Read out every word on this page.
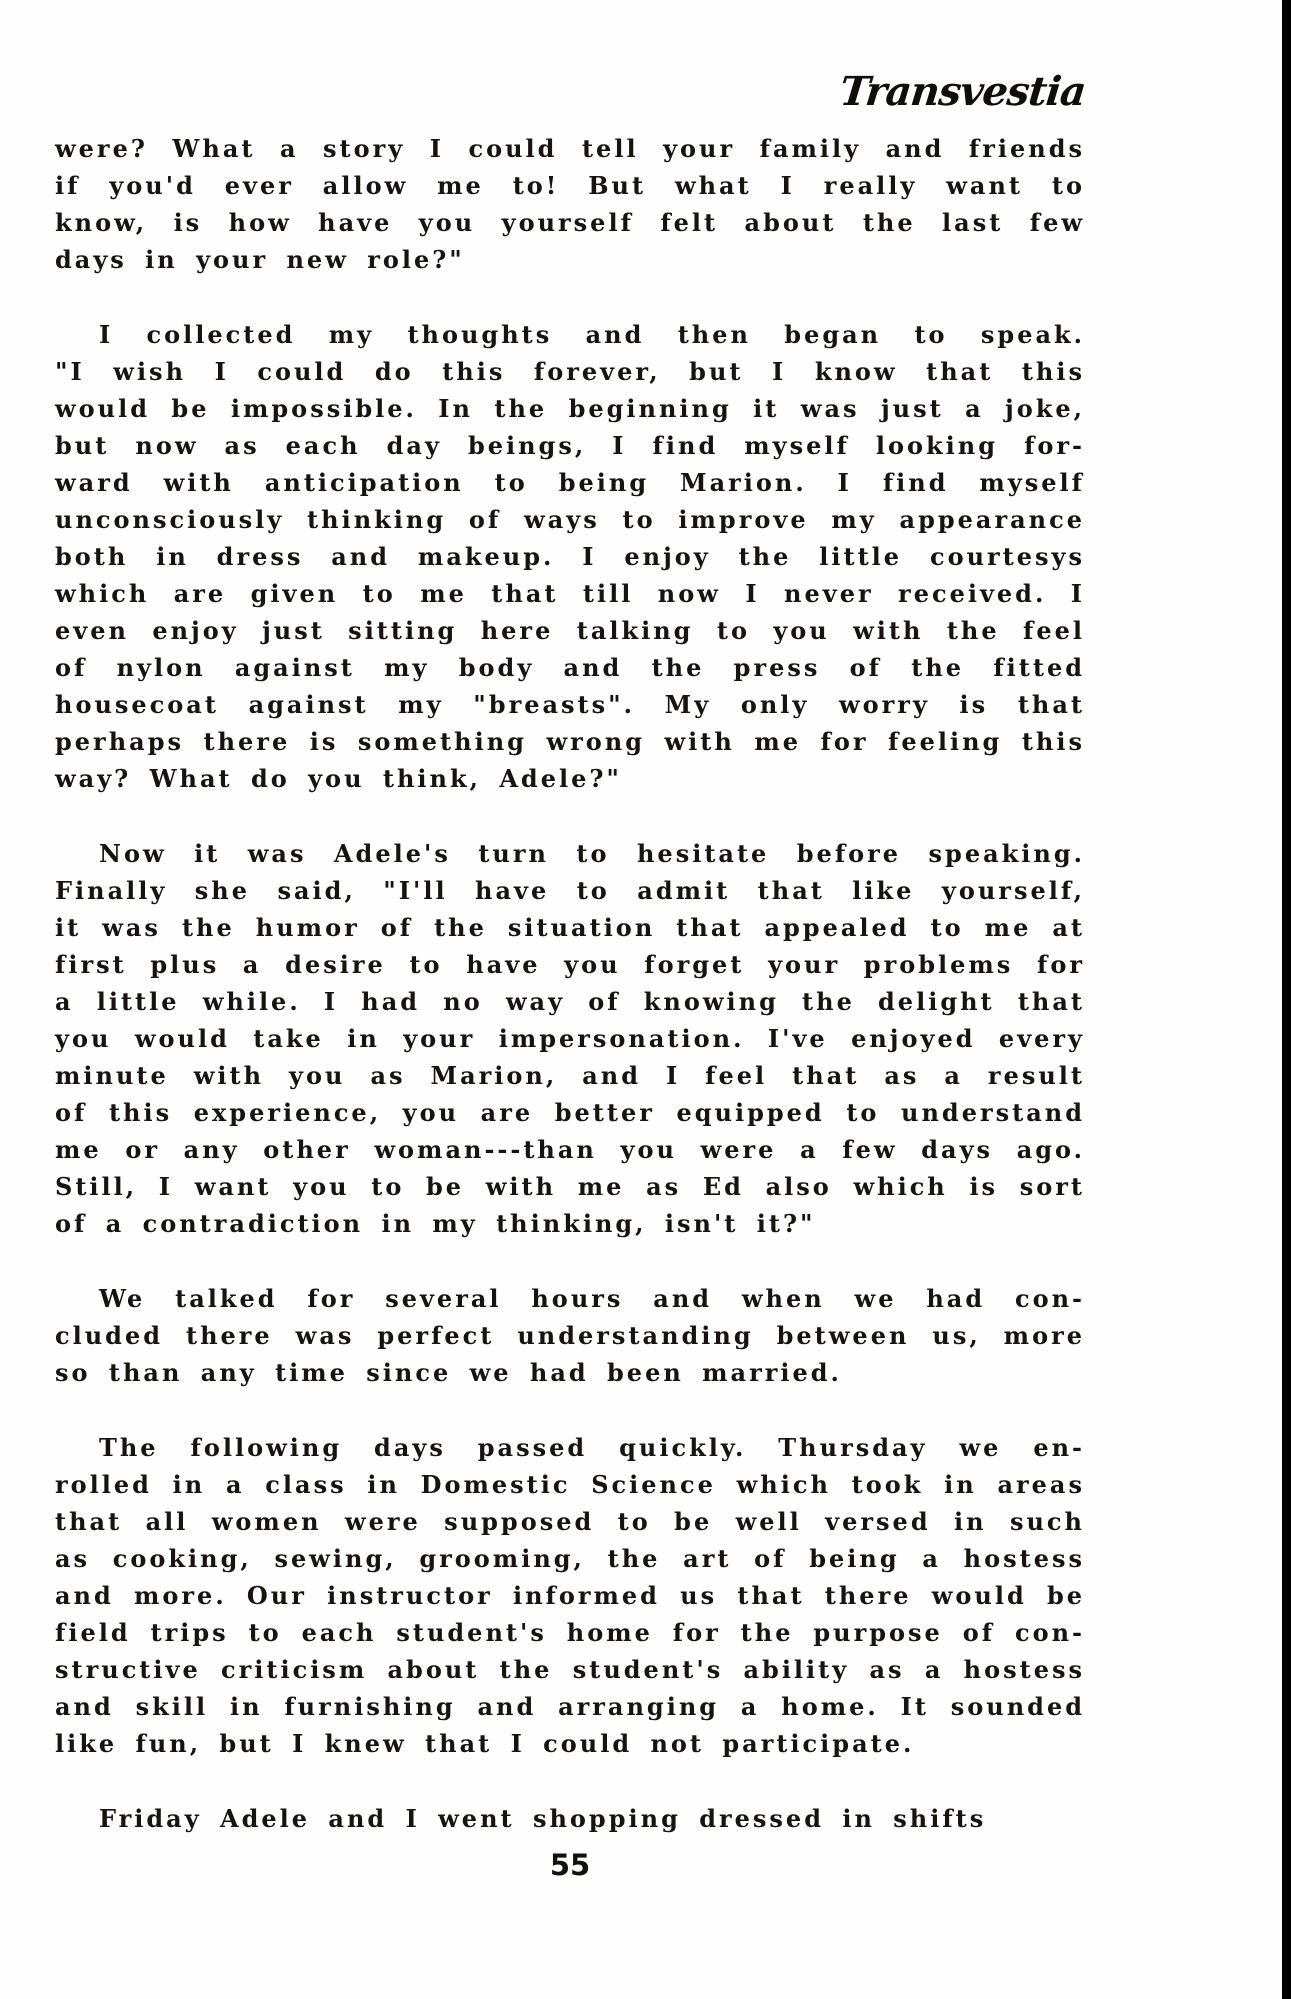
Transvestia
were? What a story I could tell your family and friends
if you'd ever allow me to! But what I really want to
know, is how have you yourself felt about the last few
days in your new role?"
I collected my thoughts and then began to speak.
"I wish I could do this forever, but I know that this
would be impossible. In the beginning it was just a joke,
but now as each day beings, I find myself looking for-
ward with anticipation to being Marion. I find myself
unconsciously thinking of ways to improve my appearance
both in dress and makeup. I enjoy the little courtesys
which are given to me that till now I never received. I
even enjoy just sitting here talking to you with the feel
of nylon against my body and the press of the fitted
housecoat against my "breasts". My only worry is that
perhaps there is something wrong with me for feeling this
way? What do you think, Adele?"
Now it was Adele's turn to hesitate before speaking.
Finally she said, "I'll have to admit that like yourself,
it was the humor of the situation that appealed to me at
first plus a desire to have you forget your problems for
a little while. I had no way of knowing the delight that
you would take in your impersonation. I've enjoyed every
minute with you as Marion, and I feel that as a result
of this experience, you are better equipped to understand
me or any other woman---than you were a few days ago.
Still, I want you to be with me as Ed also which is sort
of a contradiction in my thinking, isn't it?"
We talked for several hours and when we had con-
cluded there was perfect understanding between us, more
so than any time since we had been married.
The following days passed quickly. Thursday we en-
rolled in a class in Domestic Science which took in areas
that all women were supposed to be well versed in such
as cooking, sewing, grooming, the art of being a hostess
and more. Our instructor informed us that there would be
field trips to each student's home for the purpose of con-
structive criticism about the student's ability as a hostess
and skill in furnishing and arranging a home. It sounded
like fun, but I knew that I could not participate.
Friday Adele and I went shopping dressed in shifts
55
